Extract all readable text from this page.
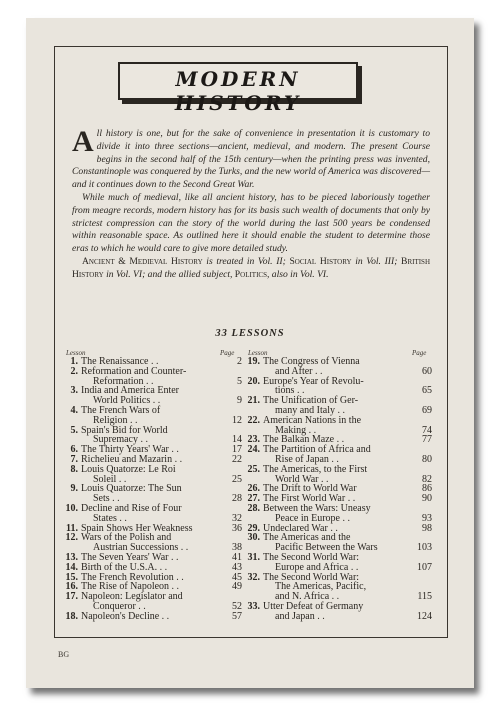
MODERN HISTORY

All history is one, but for the sake of convenience in presentation it is customary to divide it into three sections—ancient, medieval, and modern. The present Course begins in the second half of the 15th century—when the printing press was invented, Constantinople was conquered by the Turks, and the new world of America was discovered—and it continues down to the Second Great War.

While much of medieval, like all ancient history, has to be pieced laboriously together from meagre records, modern history has for its basis such wealth of documents that only by strictest compression can the story of the world during the last 500 years be condensed within reasonable space. As outlined here it should enable the student to determine those eras to which he would care to give more detailed study.

Ancient & Medieval History is treated in Vol. II; Social History in Vol. III; British History in Vol. VI; and the allied subject, Politics, also in Vol. VI.

33 LESSONS
Lesson	Page Lesson	Page
1. The Renaissance . .	2
2. Reformation and Counter-
Reformation . .	5
3. India and America Enter
World Politics . .	9
4. The French Wars of
Religion . .	12
5. Spain's Bid for World
Supremacy . .	14
6. The Thirty Years' War . .	17
7. Richelieu and Mazarin . .	22
8. Louis Quatorze: Le Roi
Soleil . .	25
9. Louis Quatorze: The Sun
Sets . .	28
10. Decline and Rise of Four
States . .	32
11. Spain Shows Her Weakness	36
12. Wars of the Polish and
Austrian Successions . .	38
13. The Seven Years' War . .	41
14. Birth of the U.S.A. . .	43
15. The French Revolution . .	45
16. The Rise of Napoleon . .	49
17. Napoleon: Legislator and
Conqueror . .	52
18. Napoleon's Decline . .	57
19. The Congress of Vienna
and After . .	60
20. Europe's Year of Revolu-
tions . .	65
21. The Unification of Ger-
many and Italy . .	69
22. American Nations in the
Making . .	74
23. The Balkan Maze . .	77
24. The Partition of Africa and
Rise of Japan . .	80
25. The Americas, to the First
World War . .	82
26. The Drift to World War	86
27. The First World War . .	90
28. Between the Wars: Uneasy
Peace in Europe . .	93
29. Undeclared War . .	98
30. The Americas and the
Pacific Between the Wars	103
31. The Second World War:
Europe and Africa . .	107
32. The Second World War:
The Americas, Pacific,
and N. Africa . .	115
33. Utter Defeat of Germany
and Japan . .	124
BG
